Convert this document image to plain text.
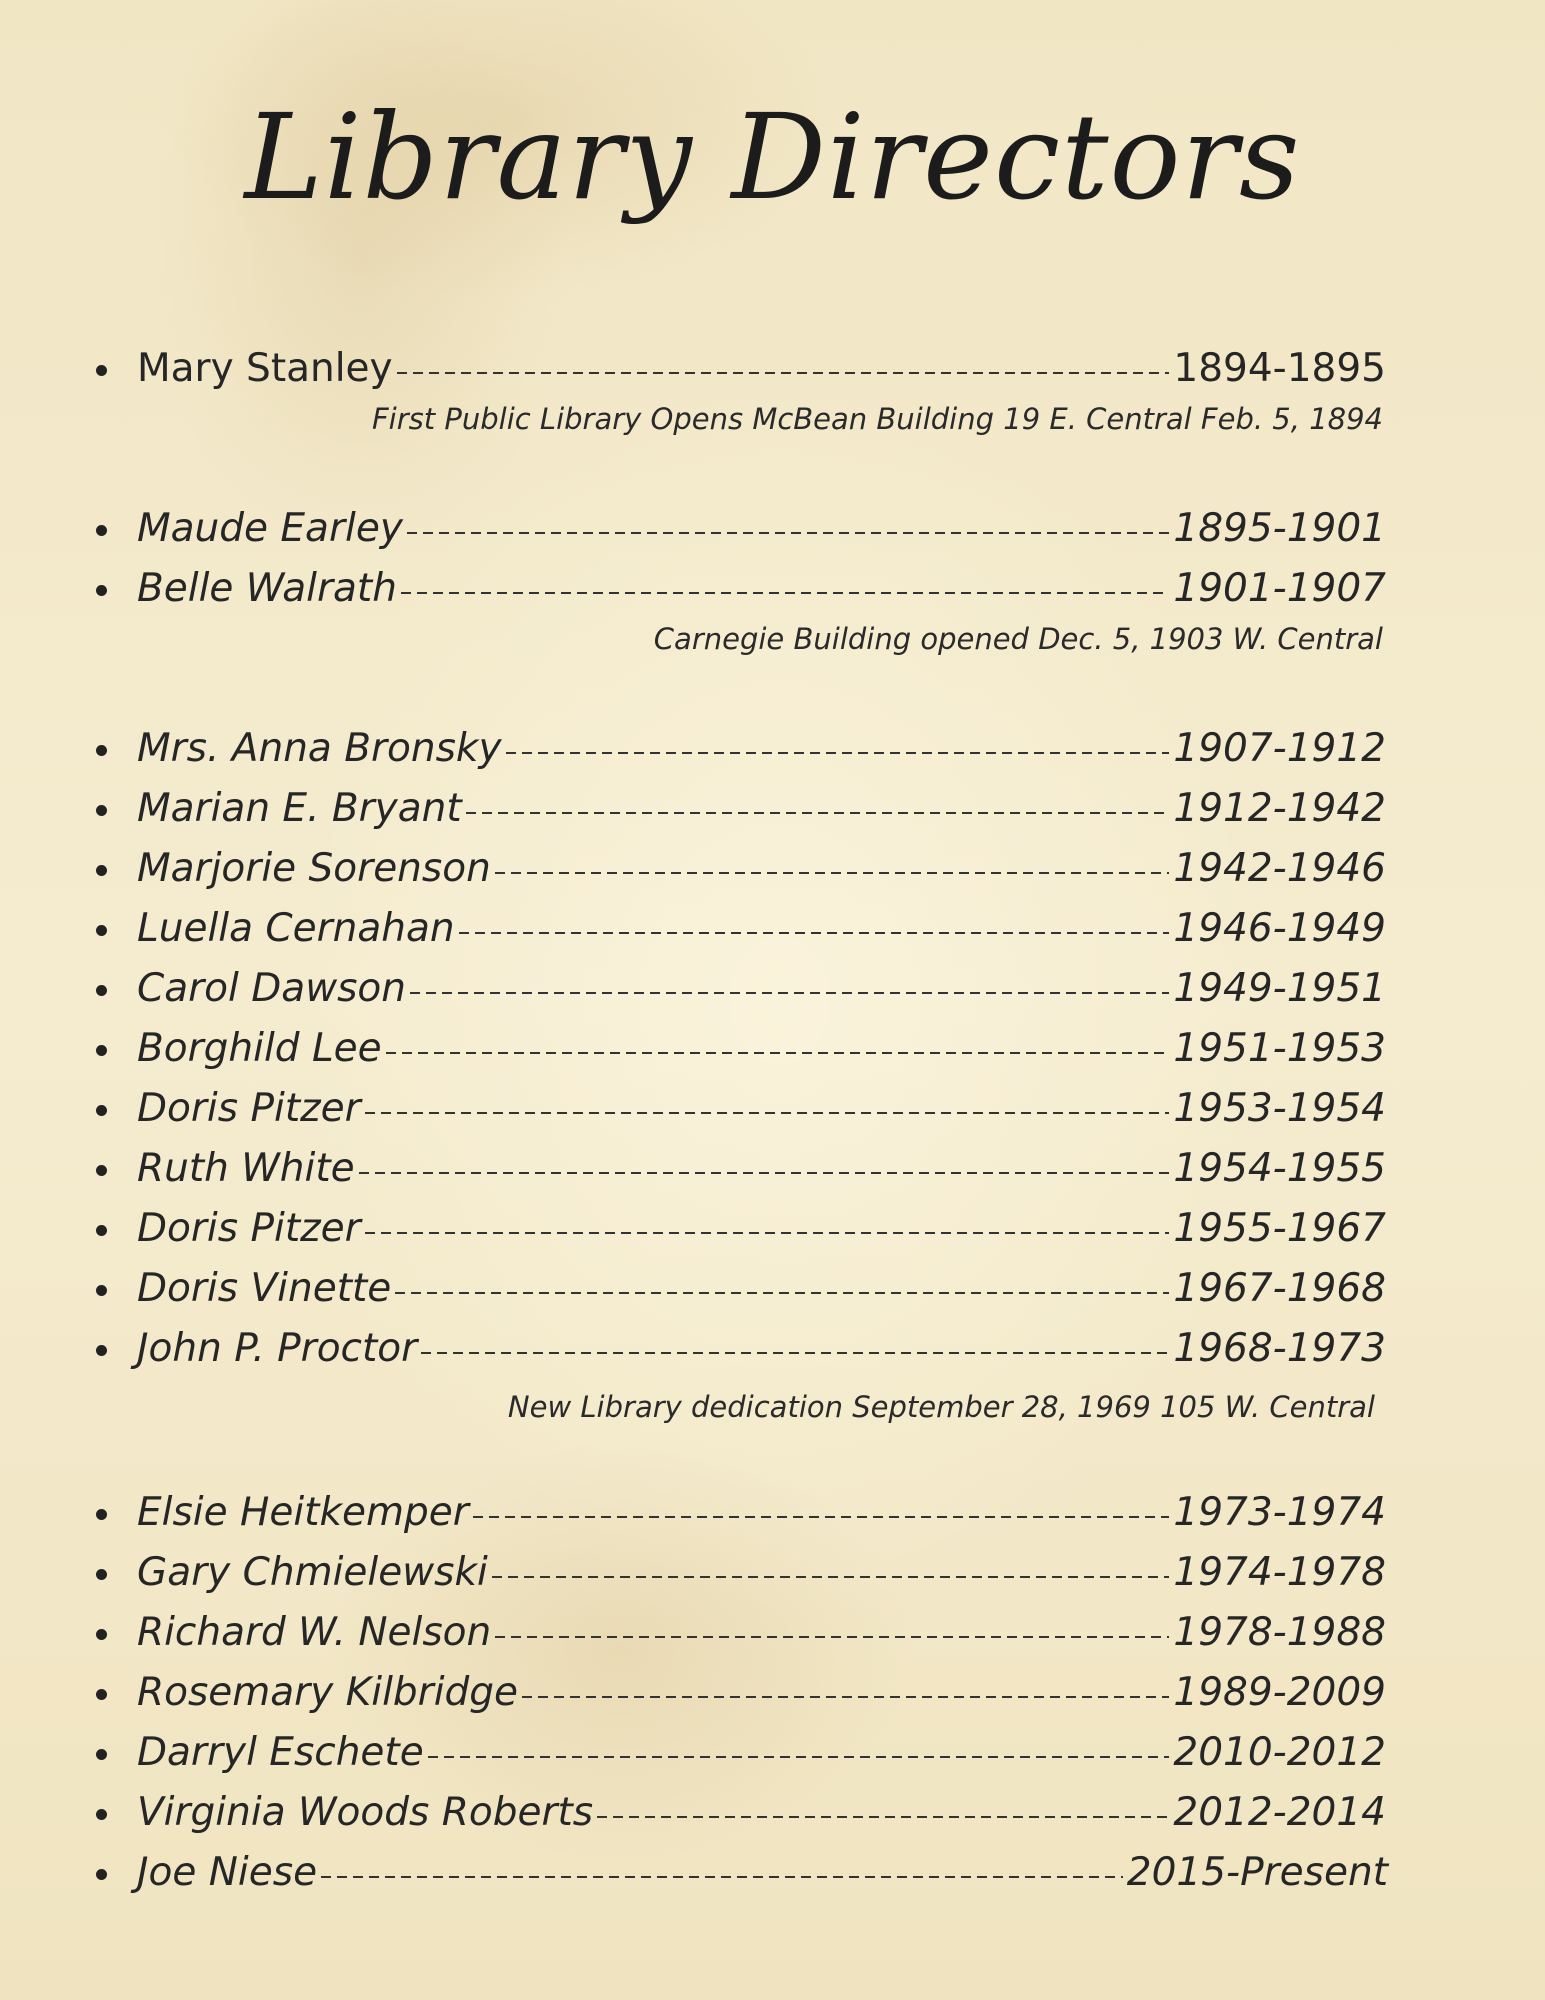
Library Directors
Mary Stanley	1894-1895
First Public Library Opens McBean Building 19 E. Central Feb. 5, 1894
Maude Earley	1895-1901
Belle Walrath	1901-1907
Carnegie Building opened Dec. 5, 1903 W. Central
Mrs. Anna Bronsky	1907-1912
Marian E. Bryant	1912-1942
Marjorie Sorenson	1942-1946
Luella Cernahan	1946-1949
Carol Dawson	1949-1951
Borghild Lee	1951-1953
Doris Pitzer	1953-1954
Ruth White	1954-1955
Doris Pitzer	1955-1967
Doris Vinette	1967-1968
John P. Proctor	1968-1973
New Library dedication September 28, 1969 105 W. Central
Elsie Heitkemper	1973-1974
Gary Chmielewski	1974-1978
Richard W. Nelson	1978-1988
Rosemary Kilbridge	1989-2009
Darryl Eschete	2010-2012
Virginia Woods Roberts	2012-2014
Joe Niese	2015-Present
